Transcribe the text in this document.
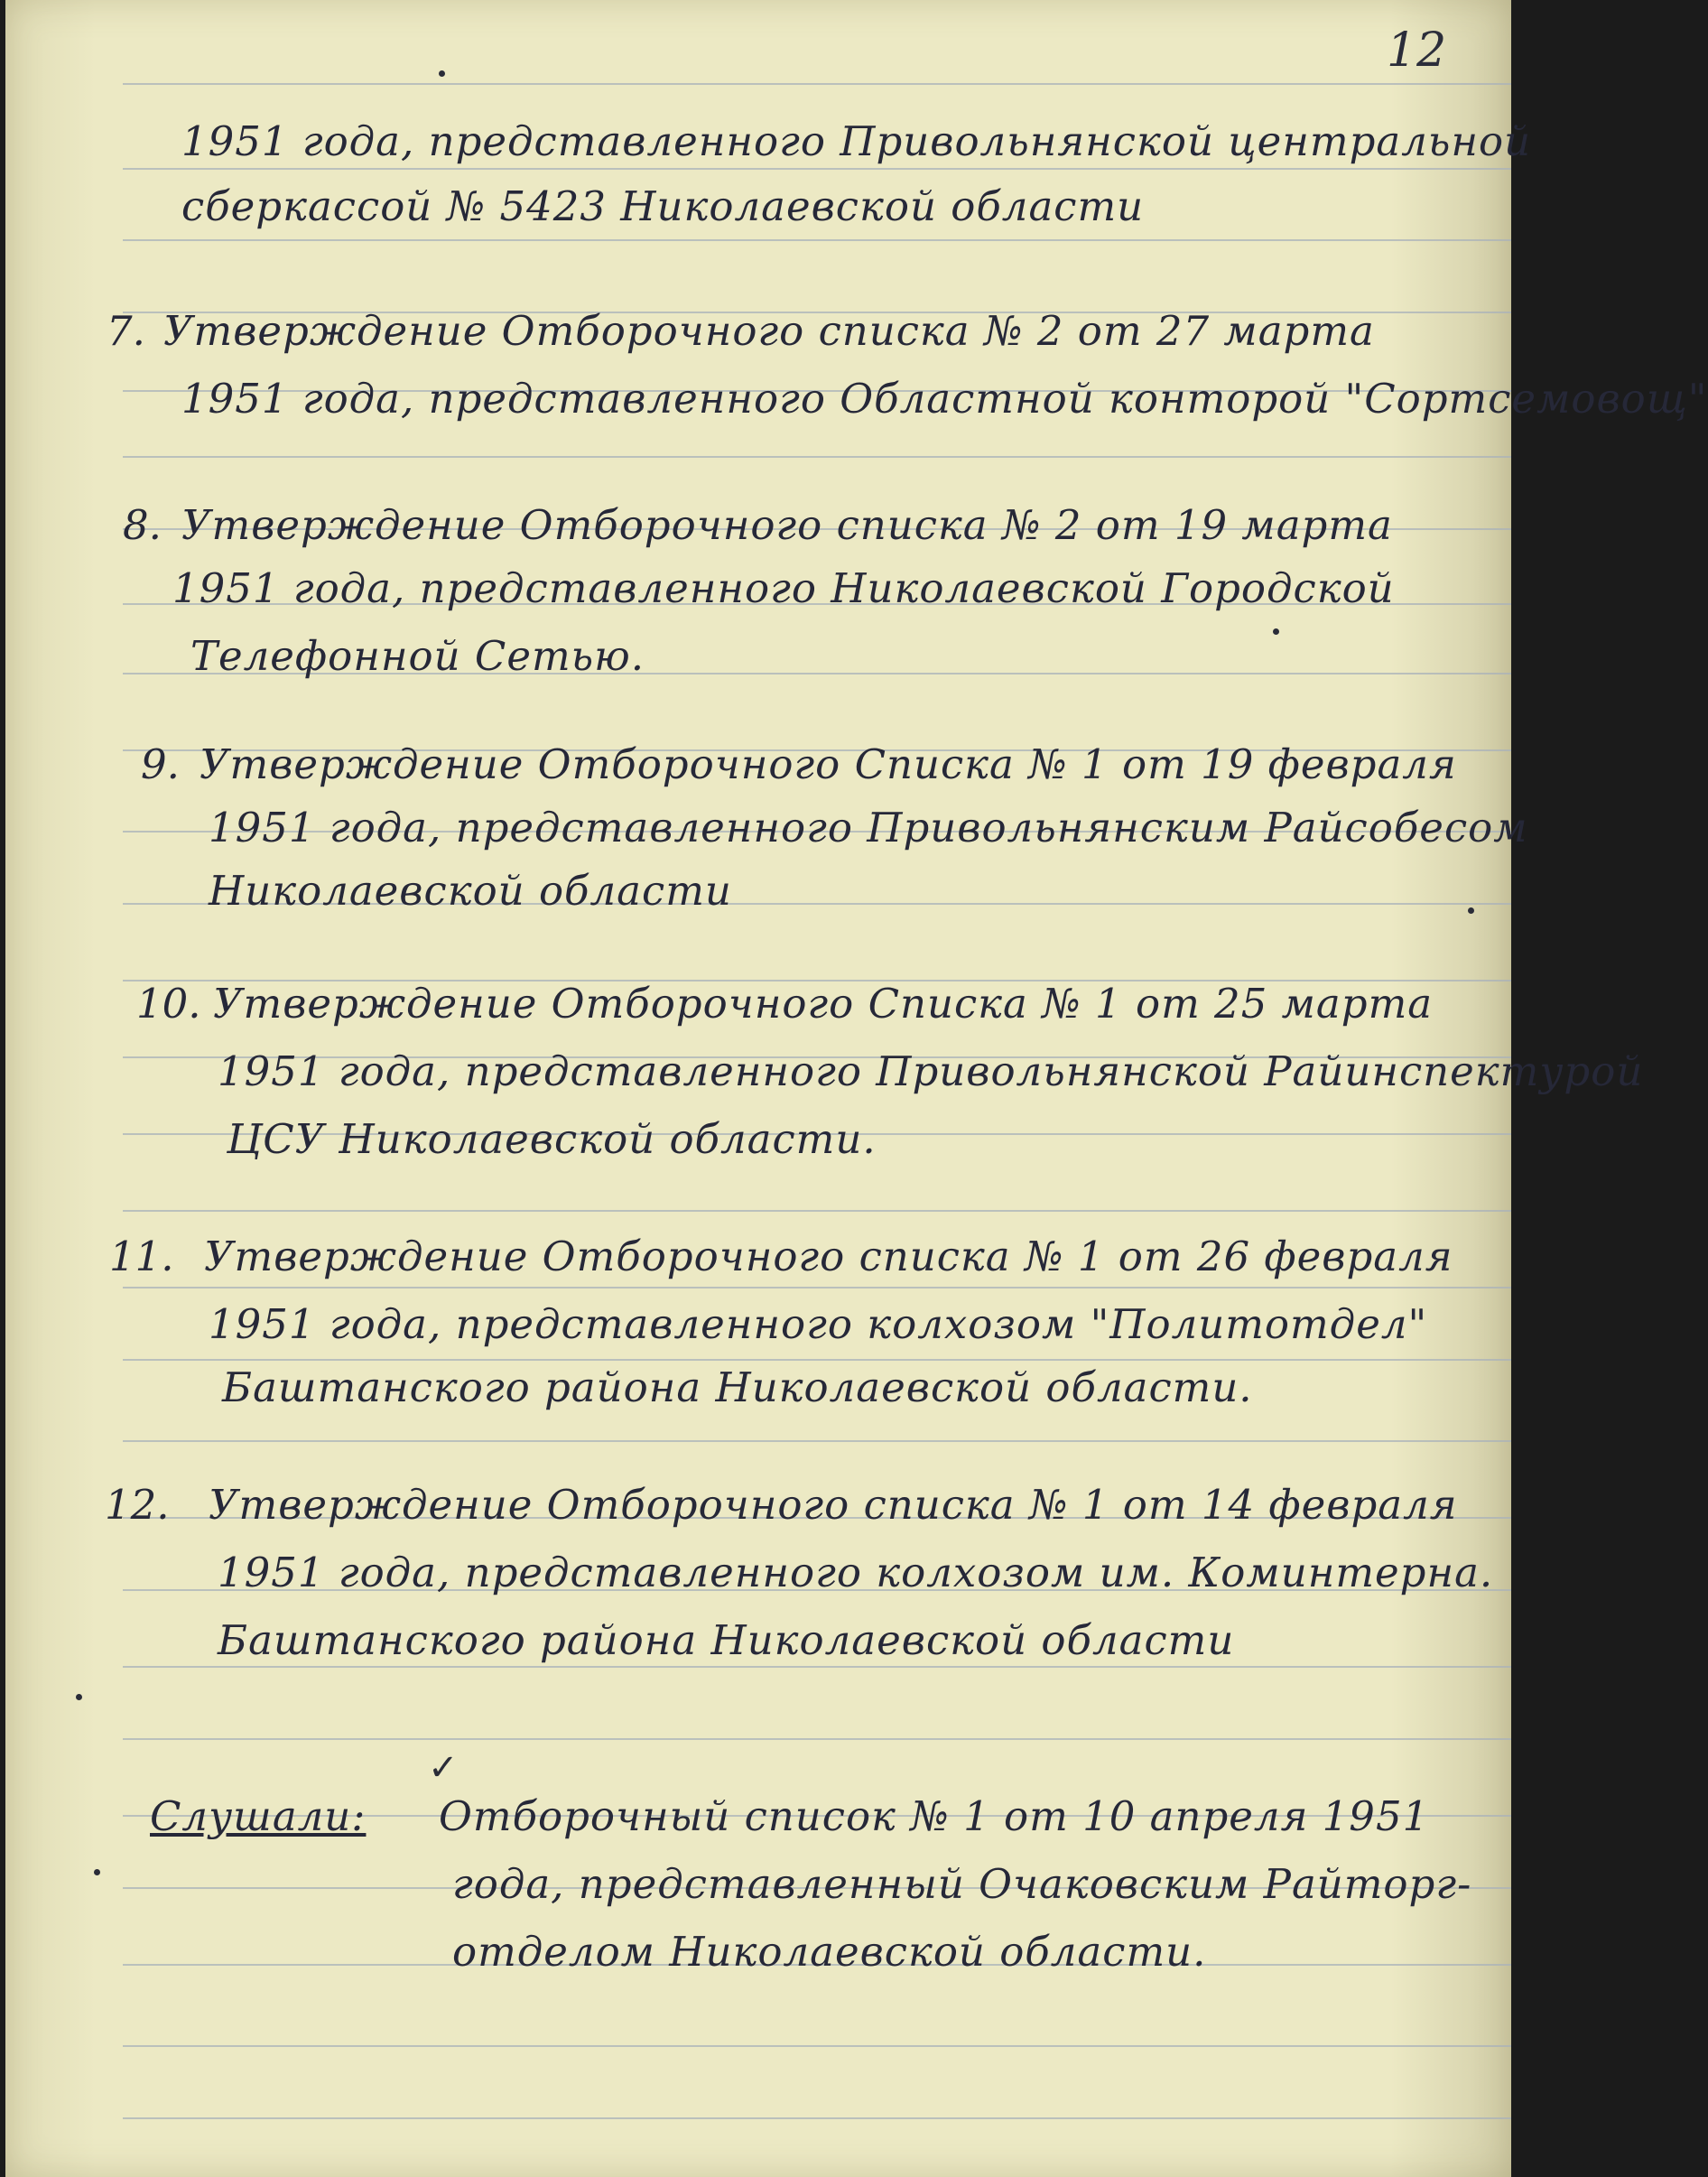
12

1951 года, представленного Привольнянской центральной

сберкассой № 5423 Николаевской области

7. Утверждение Отборочного списка № 2 от 27 марта

1951 года, представленного Областной конторой "Сортсемовощ"

8. Утверждение Отборочного списка № 2 от 19 марта

1951 года, представленного Николаевской Городской

Телефонной Сетью.

9. Утверждение Отборочного Списка № 1 от 19 февраля

1951 года, представленного Привольнянским Райсобесом

Николаевской области

10. Утверждение Отборочного Списка № 1 от 25 марта

1951 года, представленного Привольнянской Райинспектурой

ЦСУ Николаевской области.

11. Утверждение Отборочного списка № 1 от 26 февраля

1951 года, представленного колхозом "Политотдел"

Баштанского района Николаевской области.

12. Утверждение Отборочного списка № 1 от 14 февраля

1951 года, представленного колхозом им. Коминтерна.

Баштанского района Николаевской области

✓

Слушали: Отборочный список № 1 от 10 апреля 1951

года, представленный Очаковским Райторг-

отделом Николаевской области.
